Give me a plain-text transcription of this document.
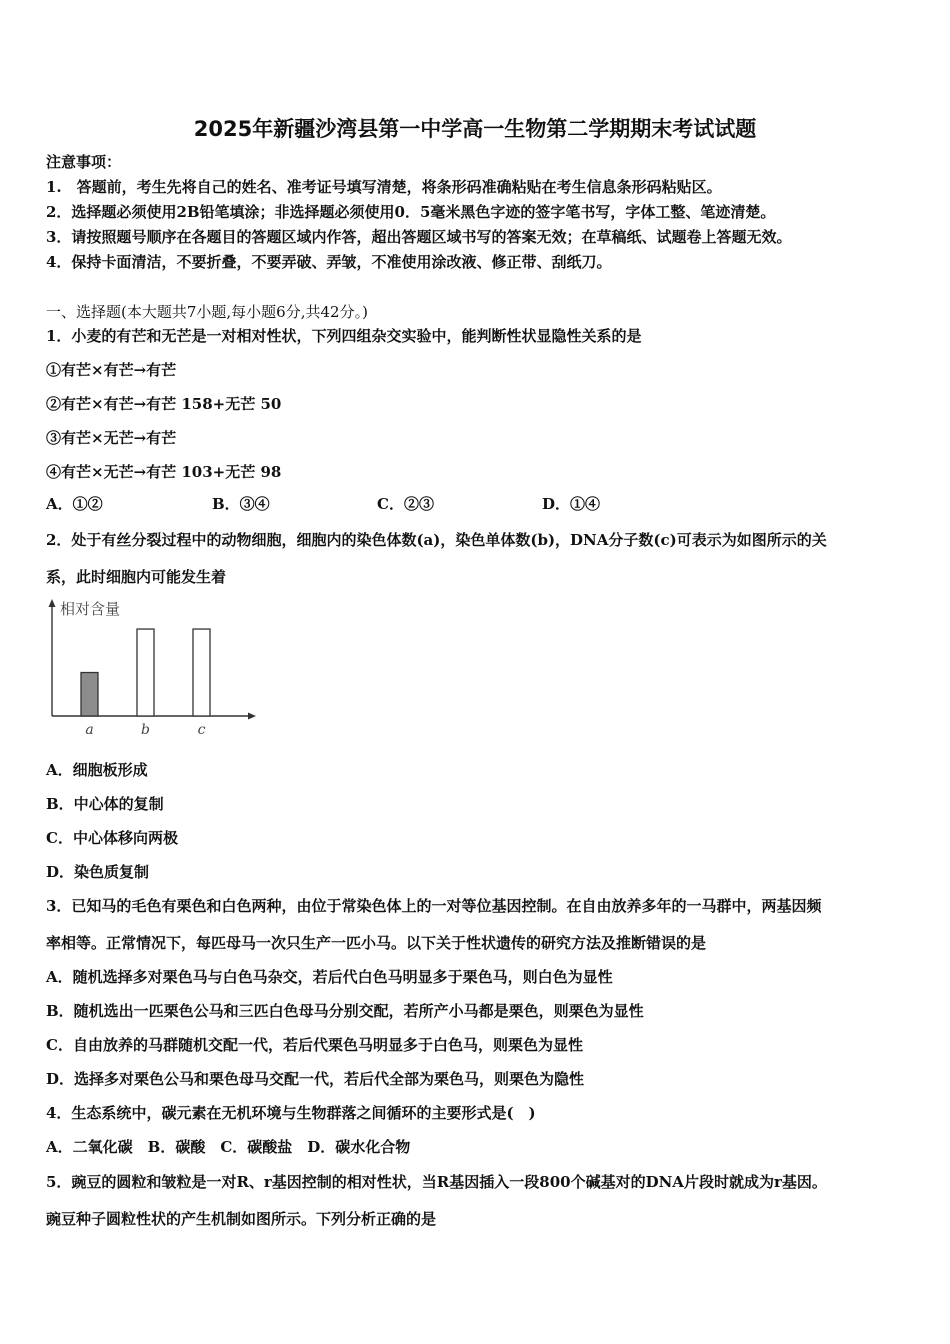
2025年新疆沙湾县第一中学高一生物第二学期期末考试试题
注意事项：
1.　答题前，考生先将自己的姓名、准考证号填写清楚，将条形码准确粘贴在考生信息条形码粘贴区。
2．选择题必须使用2B铅笔填涂；非选择题必须使用0．5毫米黑色字迹的签字笔书写，字体工整、笔迹清楚。
3．请按照题号顺序在各题目的答题区域内作答，超出答题区域书写的答案无效；在草稿纸、试题卷上答题无效。
4．保持卡面清洁，不要折叠，不要弄破、弄皱，不准使用涂改液、修正带、刮纸刀。
一、选择题(本大题共7小题,每小题6分,共42分。)
1．小麦的有芒和无芒是一对相对性状，下列四组杂交实验中，能判断性状显隐性关系的是
①有芒×有芒→有芒
②有芒×有芒→有芒 158+无芒 50
③有芒×无芒→有芒
④有芒×无芒→有芒 103+无芒 98
A．①②	B．③④	C．②③	D．①④
2．处于有丝分裂过程中的动物细胞，细胞内的染色体数(a)，染色单体数(b)，DNA分子数(c)可表示为如图所示的关
系，此时细胞内可能发生着
相对含量
a	b	c
A．细胞板形成
B．中心体的复制
C．中心体移向两极
D．染色质复制
3．已知马的毛色有栗色和白色两种，由位于常染色体上的一对等位基因控制。在自由放养多年的一马群中，两基因频
率相等。正常情况下，每匹母马一次只生产一匹小马。以下关于性状遗传的研究方法及推断错误的是
A．随机选择多对栗色马与白色马杂交，若后代白色马明显多于栗色马，则白色为显性
B．随机选出一匹栗色公马和三匹白色母马分别交配，若所产小马都是栗色，则栗色为显性
C．自由放养的马群随机交配一代，若后代栗色马明显多于白色马，则栗色为显性
D．选择多对栗色公马和栗色母马交配一代，若后代全部为栗色马，则栗色为隐性
4．生态系统中，碳元素在无机环境与生物群落之间循环的主要形式是(　)
A．二氧化碳　B．碳酸　C．碳酸盐　D．碳水化合物
5．豌豆的圆粒和皱粒是一对R、r基因控制的相对性状，当R基因插入一段800个碱基对的DNA片段时就成为r基因。
豌豆种子圆粒性状的产生机制如图所示。下列分析正确的是
